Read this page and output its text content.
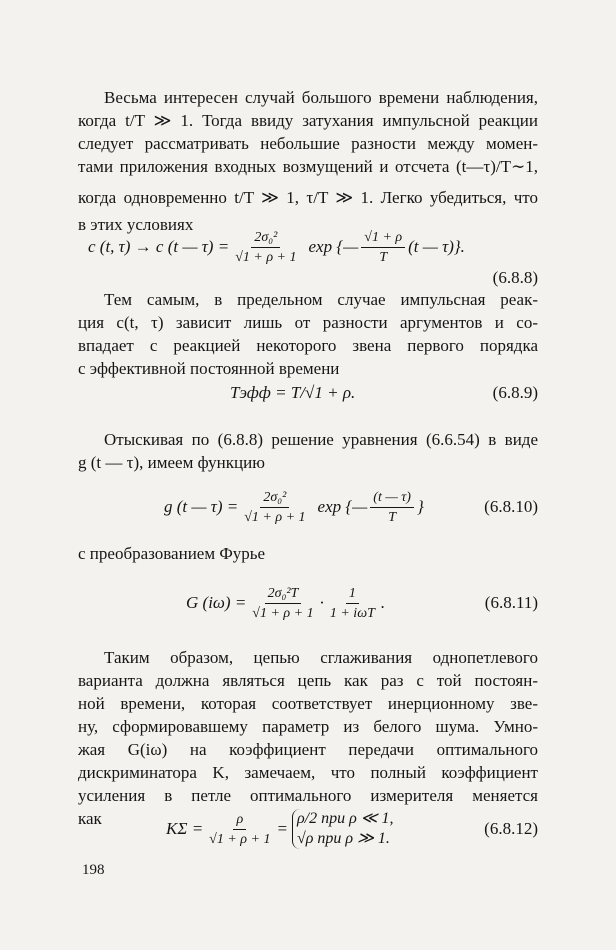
Весьма интересен случай большого времени наблюдения,
когда t/T ≫ 1. Тогда ввиду затухания импульсной реакции
следует рассматривать небольшие разности между момен-
тами приложения входных возмущений и отсчета (t—τ)/T∼1,
когда одновременно t/T ≫ 1, τ/T ≫ 1. Легко убедиться, что
в этих условиях
c (t, τ) → c (t — $\tau) = \frac{\text{2σ₀²}}{√1 + \rho + 1}$ exp {— $\frac{√1 + \rho}{T} (t$ — τ)}.
(6.8.8)
Тем самым, в предельном случае импульсная реак-
ция c(t, τ) зависит лишь от разности аргументов и со-
впадает с реакцией некоторого звена первого порядка
с эффективной постоянной времени
Tэфф = T/√1 + ρ.	(6.8.9)
Отыскивая по (6.8.8) решение уравнения (6.6.54) в виде
g (t — τ), имеем функцию
g (t — $\tau) = \frac{\text{2σ₀²}}{√1 + \rho + 1}$ exp {— $\frac{(t — \tau)}{T}$ }	(6.8.10)
с преобразованием Фурье
G $(i\omega) = \frac{\text{2σ₀²T}}{√1 + \rho + 1} \cdot \frac{1}{\text{1 + iωT}}$ .	(6.8.11)
Таким образом, цепью сглаживания однопетлевого
варианта должна являться цепь как раз с той постоян-
ной времени, которая соответствует инерционному зве-
ну, сформировавшему параметр из белого шума. Умно-
жая G(iω) на коэффициент передачи оптимального
дискриминатора K, замечаем, что полный коэффициент
усиления в петле оптимального измерителя меняется
как
$K\Sigma = \frac{\rho}{√1 + \rho + 1}$ =
ρ/2 при ρ ≪ 1,
√ρ при ρ ≫ 1.
(6.8.12)
198
